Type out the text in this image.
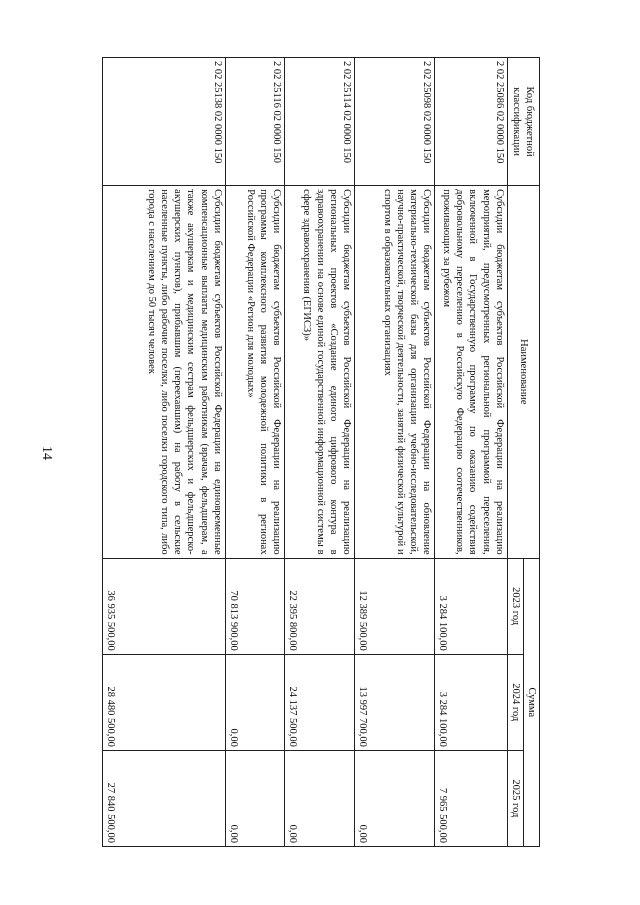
14
Код бюджетной классификации	Наименование	Сумма		
		2023 год	2024 год	2025 год
2 02 25086 02 0000 150	Субсидии бюджетам субъектов Российской Федерации на реализацию мероприятий, предусмотренных региональной программой переселения, включенной в Государственную программу по оказанию содействия добровольному переселению в Российскую Федерацию соотечественников, проживающих за рубежом	3 284 100,00	3 284 100,00	7 965 500,00
2 02 25098 02 0000 150	Субсидии бюджетам субъектов Российской Федерации на обновление материально-технической базы для организации учебно-исследовательской, научно-практической, творческой деятельности, занятий физической культурой и спортом в образовательных организациях	12 389 500,00	13 997 700,00	0,00
2 02 25114 02 0000 150	Субсидии бюджетам субъектов Российской Федерации на реализацию региональных проектов «Создание единого цифрового контура в здравоохранении на основе единой государственной информационной системы в сфере здравоохранения (ЕГИСЗ)»	22 395 800,00	24 137 500,00	0,00
2 02 25116 02 0000 150	Субсидии бюджетам субъектов Российской Федерации на реализацию программы комплексного развития молодежной политики в регионах Российской Федерации «Регион для молодых»	70 813 900,00	0,00	0,00
2 02 25138 02 0000 150	Субсидии бюджетам субъектов Российской Федерации на единовременные компенсационные выплаты медицинским работникам (врачам, фельдшерам, а также акушеркам и медицинским сестрам фельдшерских и фельдшерско-акушерских пунктов), прибывшим (переехавшим) на работу в сельские населенные пункты, либо рабочие поселки, либо поселки городского типа, либо города с населением до 50 тысяч человек	36 935 500,00	28 480 500,00	27 840 500,00
